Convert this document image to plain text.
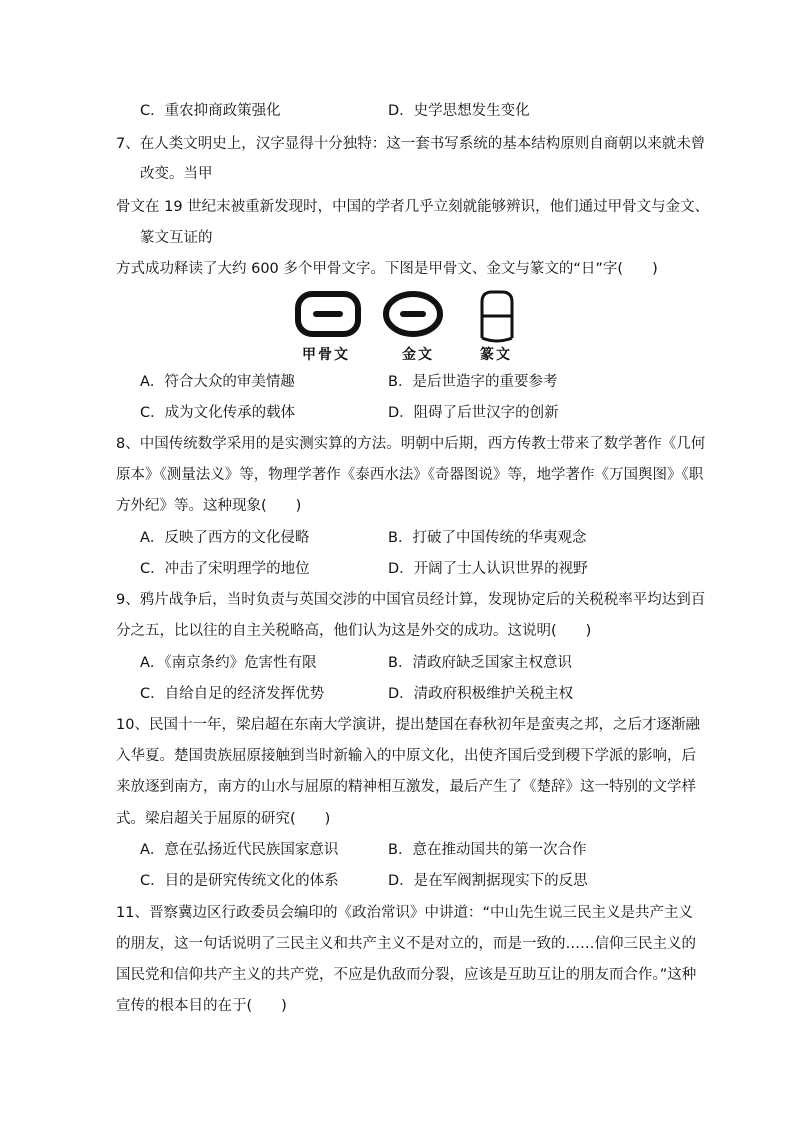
C．重农抑商政策强化	D．史学思想发生变化
7、在人类文明史上，汉字显得十分独特：这一套书写系统的基本结构原则自商朝以来就未曾
改变。当甲
骨文在 19 世纪末被重新发现时，中国的学者几乎立刻就能够辨识，他们通过甲骨文与金文、
篆文互证的
方式成功释读了大约 600 多个甲骨文字。下图是甲骨文、金文与篆文的“日”字(　　)
甲骨文	金文	篆文
A．符合大众的审美情趣	B．是后世造字的重要参考
C．成为文化传承的载体	D．阻碍了后世汉字的创新
8、中国传统数学采用的是实测实算的方法。明朝中后期，西方传教士带来了数学著作《几何
原本》《测量法义》等，物理学著作《泰西水法》《奇器图说》等，地学著作《万国舆图》《职
方外纪》等。这种现象(　　)
A．反映了西方的文化侵略	B．打破了中国传统的华夷观念
C．冲击了宋明理学的地位	D．开阔了士人认识世界的视野
9、鸦片战争后，当时负责与英国交涉的中国官员经计算，发现协定后的关税税率平均达到百
分之五，比以往的自主关税略高，他们认为这是外交的成功。这说明(　　)
A．《南京条约》危害性有限	B．清政府缺乏国家主权意识
C．自给自足的经济发挥优势	D．清政府积极维护关税主权
10、民国十一年，梁启超在东南大学演讲，提出楚国在春秋初年是蛮夷之邦，之后才逐渐融
入华夏。楚国贵族屈原接触到当时新输入的中原文化，出使齐国后受到稷下学派的影响，后
来放逐到南方，南方的山水与屈原的精神相互激发，最后产生了《楚辞》这一特别的文学样
式。梁启超关于屈原的研究(　　)
A．意在弘扬近代民族国家意识	B．意在推动国共的第一次合作
C．目的是研究传统文化的体系	D．是在军阀割据现实下的反思
11、晋察冀边区行政委员会编印的《政治常识》中讲道：“中山先生说三民主义是共产主义
的朋友，这一句话说明了三民主义和共产主义不是对立的，而是一致的……信仰三民主义的
国民党和信仰共产主义的共产党，不应是仇敌而分裂，应该是互助互让的朋友而合作。”这种
宣传的根本目的在于(　　)
